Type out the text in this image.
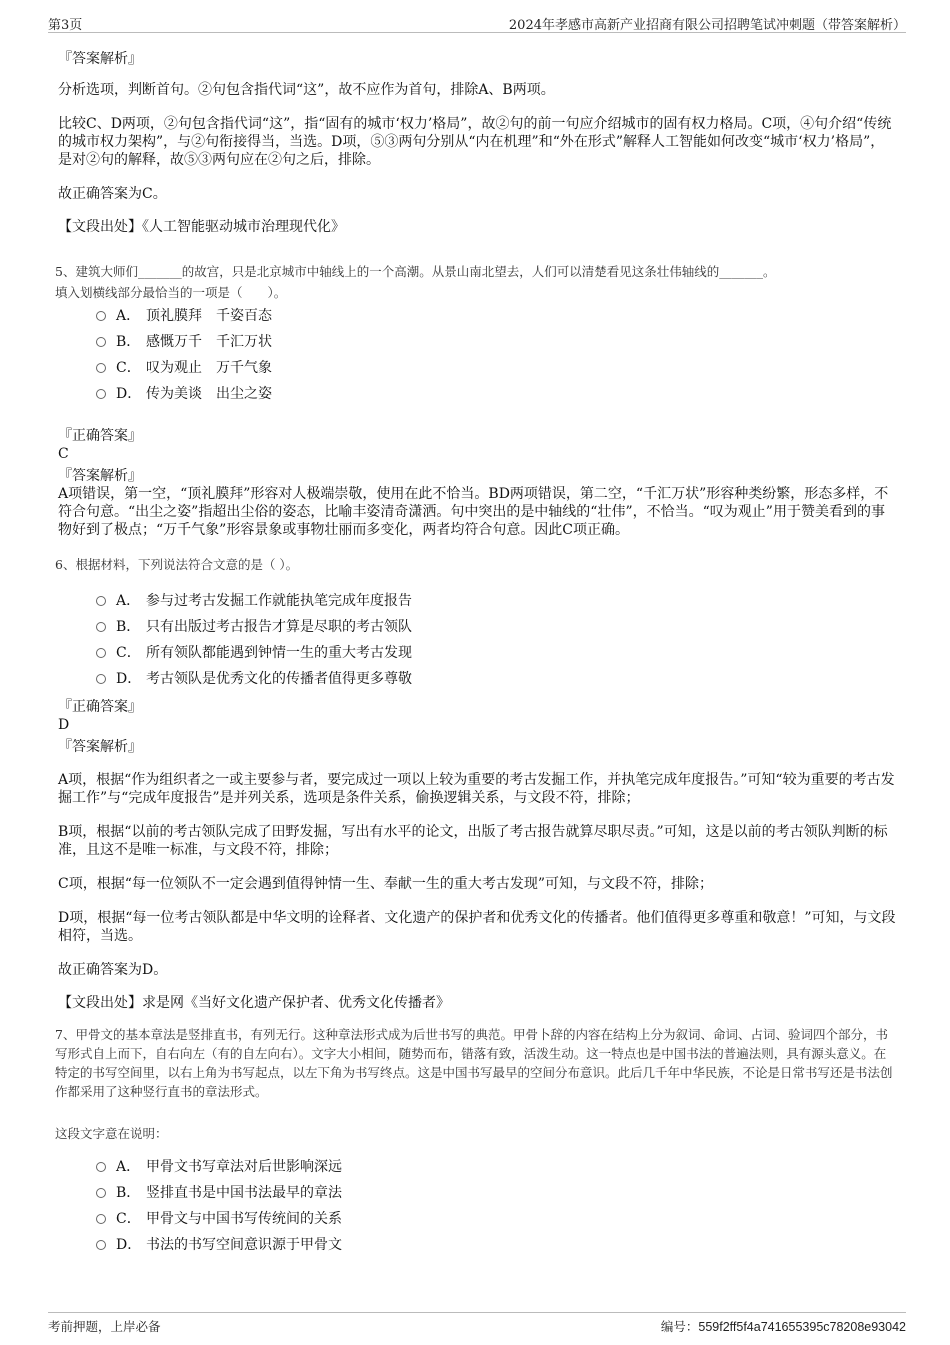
第3页	2024年孝感市高新产业招商有限公司招聘笔试冲刺题（带答案解析）
『答案解析』
分析选项，判断首句。②句包含指代词“这”，故不应作为首句，排除A、B两项。
比较C、D两项，②句包含指代词“这”，指“固有的城市‘权力’格局”，故②句的前一句应介绍城市的固有权力格局。C项，④句介绍“传统的城市权力架构”，与②句衔接得当，当选。D项，⑤③两句分别从“内在机理”和“外在形式”解释人工智能如何改变“城市‘权力’格局”，是对②句的解释，故⑤③两句应在②句之后，排除。
故正确答案为C。
【文段出处】《人工智能驱动城市治理现代化》
5、建筑大师们_______的故宫，只是北京城市中轴线上的一个高潮。从景山南北望去，人们可以清楚看见这条壮伟轴线的_______。
填入划横线部分最恰当的一项是（　　）。
A． 顶礼膜拜 千姿百态
B． 感慨万千 千汇万状
C． 叹为观止 万千气象
D． 传为美谈 出尘之姿
『正确答案』
C
『答案解析』
A项错误，第一空，“顶礼膜拜”形容对人极端崇敬，使用在此不恰当。BD两项错误，第二空，“千汇万状”形容种类纷繁，形态多样，不符合句意。“出尘之姿”指超出尘俗的姿态，比喻丰姿清奇潇洒。句中突出的是中轴线的“壮伟”，不恰当。“叹为观止”用于赞美看到的事物好到了极点；“万千气象”形容景象或事物壮丽而多变化，两者均符合句意。因此C项正确。
6、根据材料，下列说法符合文意的是（ ）。
A． 参与过考古发掘工作就能执笔完成年度报告
B． 只有出版过考古报告才算是尽职的考古领队
C． 所有领队都能遇到钟情一生的重大考古发现
D． 考古领队是优秀文化的传播者值得更多尊敬
『正确答案』
D
『答案解析』
A项，根据“作为组织者之一或主要参与者，要完成过一项以上较为重要的考古发掘工作，并执笔完成年度报告。”可知“较为重要的考古发掘工作”与“完成年度报告”是并列关系，选项是条件关系，偷换逻辑关系，与文段不符，排除；
B项，根据“以前的考古领队完成了田野发掘，写出有水平的论文，出版了考古报告就算尽职尽责。”可知，这是以前的考古领队判断的标准，且这不是唯一标准，与文段不符，排除；
C项，根据“每一位领队不一定会遇到值得钟情一生、奉献一生的重大考古发现”可知，与文段不符，排除；
D项，根据“每一位考古领队都是中华文明的诠释者、文化遗产的保护者和优秀文化的传播者。他们值得更多尊重和敬意！”可知，与文段相符，当选。
故正确答案为D。
【文段出处】求是网《当好文化遗产保护者、优秀文化传播者》
7、甲骨文的基本章法是竖排直书，有列无行。这种章法形式成为后世书写的典范。甲骨卜辞的内容在结构上分为叙词、命词、占词、验词四个部分，书写形式自上而下，自右向左（有的自左向右）。文字大小相间，随势而布，错落有致，活泼生动。这一特点也是中国书法的普遍法则，具有源头意义。在特定的书写空间里，以右上角为书写起点，以左下角为书写终点。这是中国书写最早的空间分布意识。此后几千年中华民族，不论是日常书写还是书法创作都采用了这种竖行直书的章法形式。
这段文字意在说明：
A． 甲骨文书写章法对后世影响深远
B． 竖排直书是中国书法最早的章法
C． 甲骨文与中国书写传统间的关系
D． 书法的书写空间意识源于甲骨文
考前押题，上岸必备	编号：559f2ff5f4a741655395c78208e93042
